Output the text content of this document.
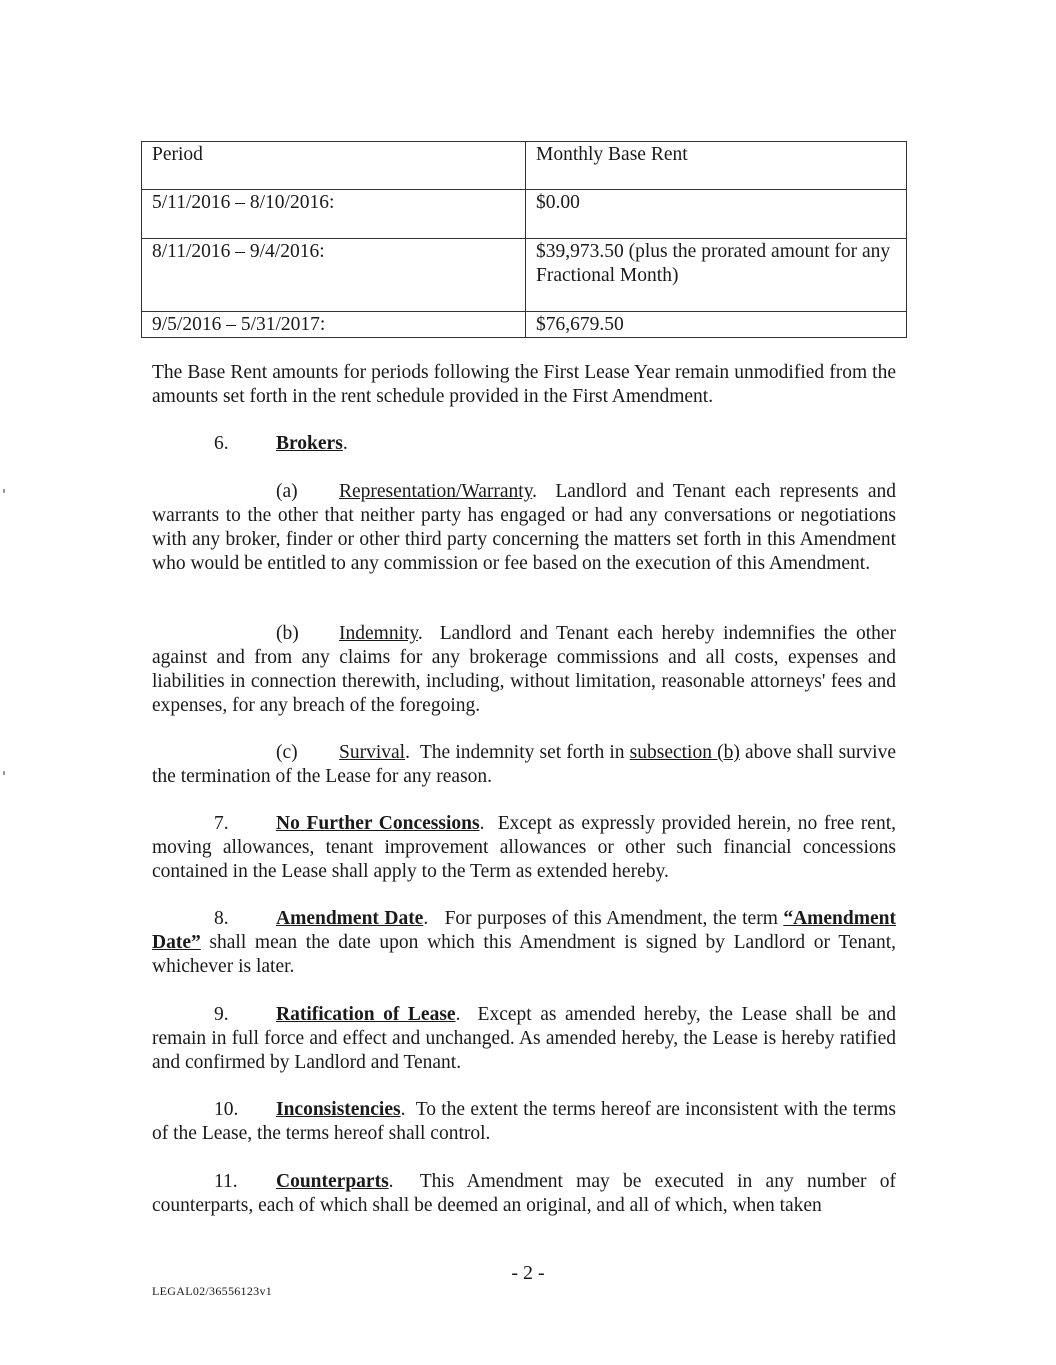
Period	Monthly Base Rent
5/11/2016 – 8/10/2016:	$0.00
8/11/2016 – 9/4/2016:	$39,973.50 (plus the prorated amount for any Fractional Month)
9/5/2016 – 5/31/2017:	$76,679.50

The Base Rent amounts for periods following the First Lease Year remain unmodified from the amounts set forth in the rent schedule provided in the First Amendment.

6. Brokers.

(a) Representation/Warranty.  Landlord and Tenant each represents and warrants to the other that neither party has engaged or had any conversations or negotiations with any broker, finder or other third party concerning the matters set forth in this Amendment who would be entitled to any commission or fee based on the execution of this Amendment.

(b) Indemnity.  Landlord and Tenant each hereby indemnifies the other against and from any claims for any brokerage commissions and all costs, expenses and liabilities in connection therewith, including, without limitation, reasonable attorneys' fees and expenses, for any breach of the foregoing.

(c) Survival.  The indemnity set forth in subsection (b) above shall survive the termination of the Lease for any reason.

7. No Further Concessions.  Except as expressly provided herein, no free rent, moving allowances, tenant improvement allowances or other such financial concessions contained in the Lease shall apply to the Term as extended hereby.

8. Amendment Date.   For purposes of this Amendment, the term “Amendment Date” shall mean the date upon which this Amendment is signed by Landlord or Tenant, whichever is later.

9. Ratification of Lease.  Except as amended hereby, the Lease shall be and remain in full force and effect and unchanged. As amended hereby, the Lease is hereby ratified and confirmed by Landlord and Tenant.

10. Inconsistencies.  To the extent the terms hereof are inconsistent with the terms of the Lease, the terms hereof shall control.

11. Counterparts.  This Amendment may be executed in any number of counterparts, each of which shall be deemed an original, and all of which, when taken

- 2 -
LEGAL02/36556123v1
